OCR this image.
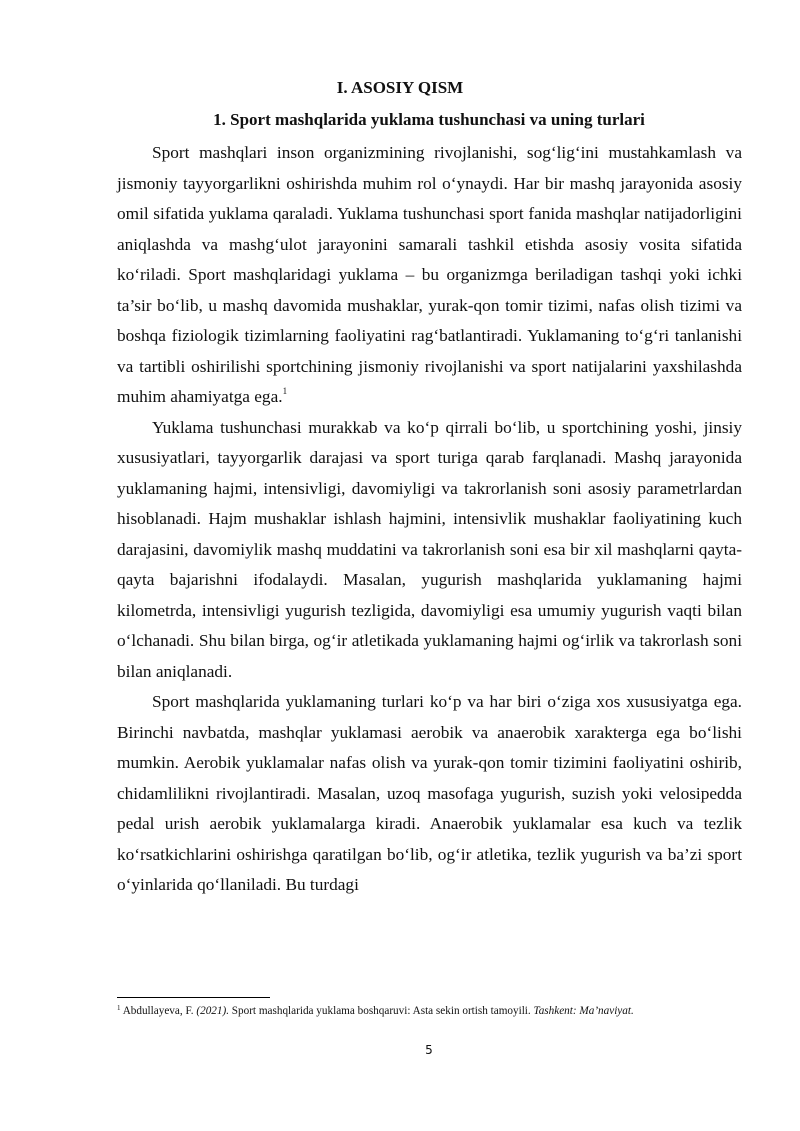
I. ASOSIY QISM
1. Sport mashqlarida yuklama tushunchasi va uning turlari

Sport mashqlari inson organizmining rivojlanishi, sog‘lig‘ini mustahkamlash va jismoniy tayyorgarlikni oshirishda muhim rol o‘ynaydi. Har bir mashq jarayonida asosiy omil sifatida yuklama qaraladi. Yuklama tushunchasi sport fanida mashqlar natijadorligini aniqlashda va mashg‘ulot jarayonini samarali tashkil etishda asosiy vosita sifatida ko‘riladi. Sport mashqlaridagi yuklama – bu organizmga beriladigan tashqi yoki ichki ta’sir bo‘lib, u mashq davomida mushaklar, yurak-qon tomir tizimi, nafas olish tizimi va boshqa fiziologik tizimlarning faoliyatini rag‘batlantiradi. Yuklamaning to‘g‘ri tanlanishi va tartibli oshirilishi sportchining jismoniy rivojlanishi va sport natijalarini yaxshilashda muhim ahamiyatga ega.$^1$

Yuklama tushunchasi murakkab va ko‘p qirrali bo‘lib, u sportchining yoshi, jinsiy xususiyatlari, tayyorgarlik darajasi va sport turiga qarab farqlanadi. Mashq jarayonida yuklamaning hajmi, intensivligi, davomiyligi va takrorlanish soni asosiy parametrlardan hisoblanadi. Hajm mushaklar ishlash hajmini, intensivlik mushaklar faoliyatining kuch darajasini, davomiylik mashq muddatini va takrorlanish soni esa bir xil mashqlarni qayta-qayta bajarishni ifodalaydi. Masalan, yugurish mashqlarida yuklamaning hajmi kilometrda, intensivligi yugurish tezligida, davomiyligi esa umumiy yugurish vaqti bilan o‘lchanadi. Shu bilan birga, og‘ir atletikada yuklamaning hajmi og‘irlik va takrorlash soni bilan aniqlanadi.

Sport mashqlarida yuklamaning turlari ko‘p va har biri o‘ziga xos xususiyatga ega. Birinchi navbatda, mashqlar yuklamasi aerobik va anaerobik xarakterga ega bo‘lishi mumkin. Aerobik yuklamalar nafas olish va yurak-qon tomir tizimini faoliyatini oshirib, chidamlilikni rivojlantiradi. Masalan, uzoq masofaga yugurish, suzish yoki velosipedda pedal urish aerobik yuklamalarga kiradi. Anaerobik yuklamalar esa kuch va tezlik ko‘rsatkichlarini oshirishga qaratilgan bo‘lib, og‘ir atletika, tezlik yugurish va ba’zi sport o‘yinlarida qo‘llaniladi. Bu turdagi

$^1$ Abdullayeva, F. (2021). Sport mashqlarida yuklama boshqaruvi: Asta sekin ortish tamoyili. Tashkent: Ma’naviyat.
5
